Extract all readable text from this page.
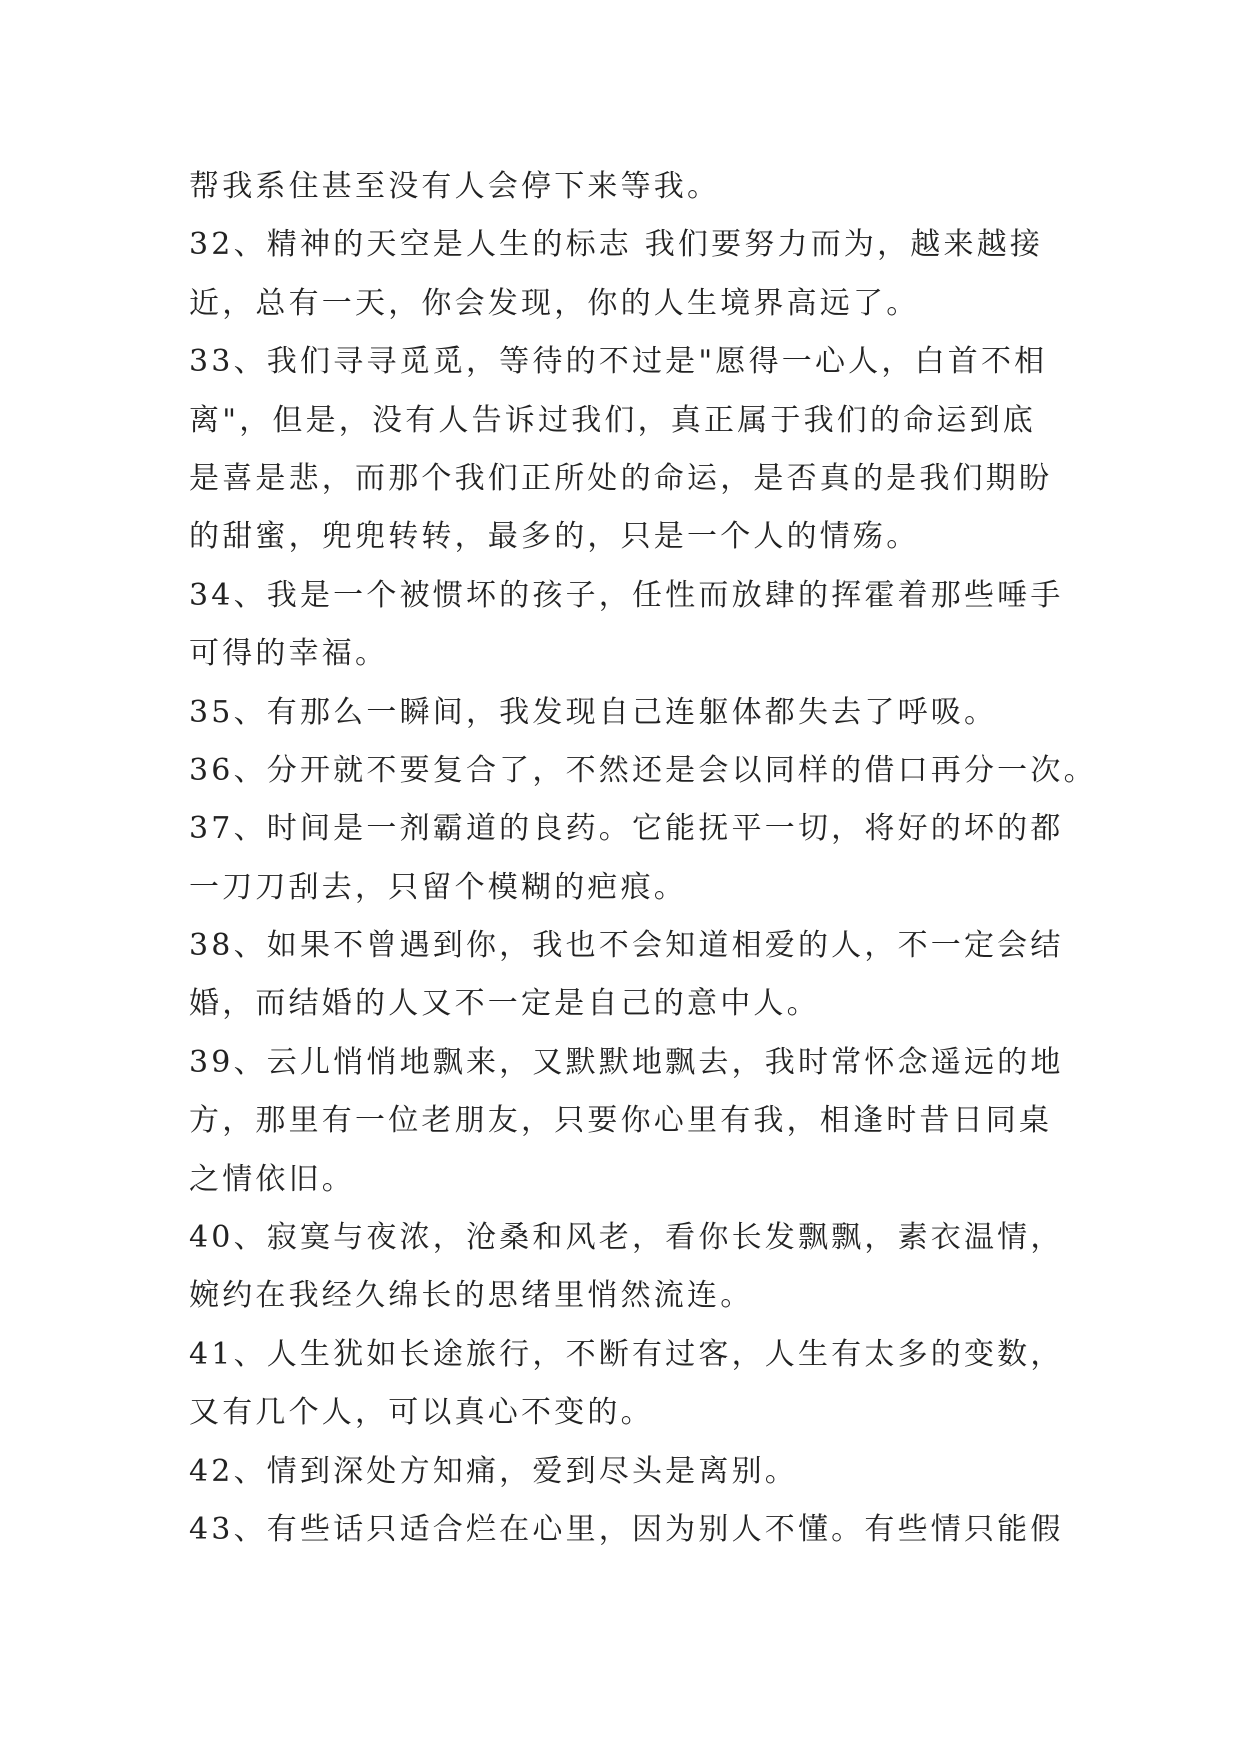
帮我系住甚至没有人会停下来等我。
32、精神的天空是人生的标志 我们要努力而为，越来越接
近，总有一天，你会发现，你的人生境界高远了。
33、我们寻寻觅觅，等待的不过是"愿得一心人，白首不相
离"，但是，没有人告诉过我们，真正属于我们的命运到底
是喜是悲，而那个我们正所处的命运，是否真的是我们期盼
的甜蜜，兜兜转转，最多的，只是一个人的情殇。
34、我是一个被惯坏的孩子，任性而放肆的挥霍着那些唾手
可得的幸福。
35、有那么一瞬间，我发现自己连躯体都失去了呼吸。
36、分开就不要复合了，不然还是会以同样的借口再分一次。
37、时间是一剂霸道的良药。它能抚平一切，将好的坏的都
一刀刀刮去，只留个模糊的疤痕。
38、如果不曾遇到你，我也不会知道相爱的人，不一定会结
婚，而结婚的人又不一定是自己的意中人。
39、云儿悄悄地飘来，又默默地飘去，我时常怀念遥远的地
方，那里有一位老朋友，只要你心里有我，相逢时昔日同桌
之情依旧。
40、寂寞与夜浓，沧桑和风老，看你长发飘飘，素衣温情，
婉约在我经久绵长的思绪里悄然流连。
41、人生犹如长途旅行，不断有过客，人生有太多的变数，
又有几个人，可以真心不变的。
42、情到深处方知痛，爱到尽头是离别。
43、有些话只适合烂在心里，因为别人不懂。有些情只能假
